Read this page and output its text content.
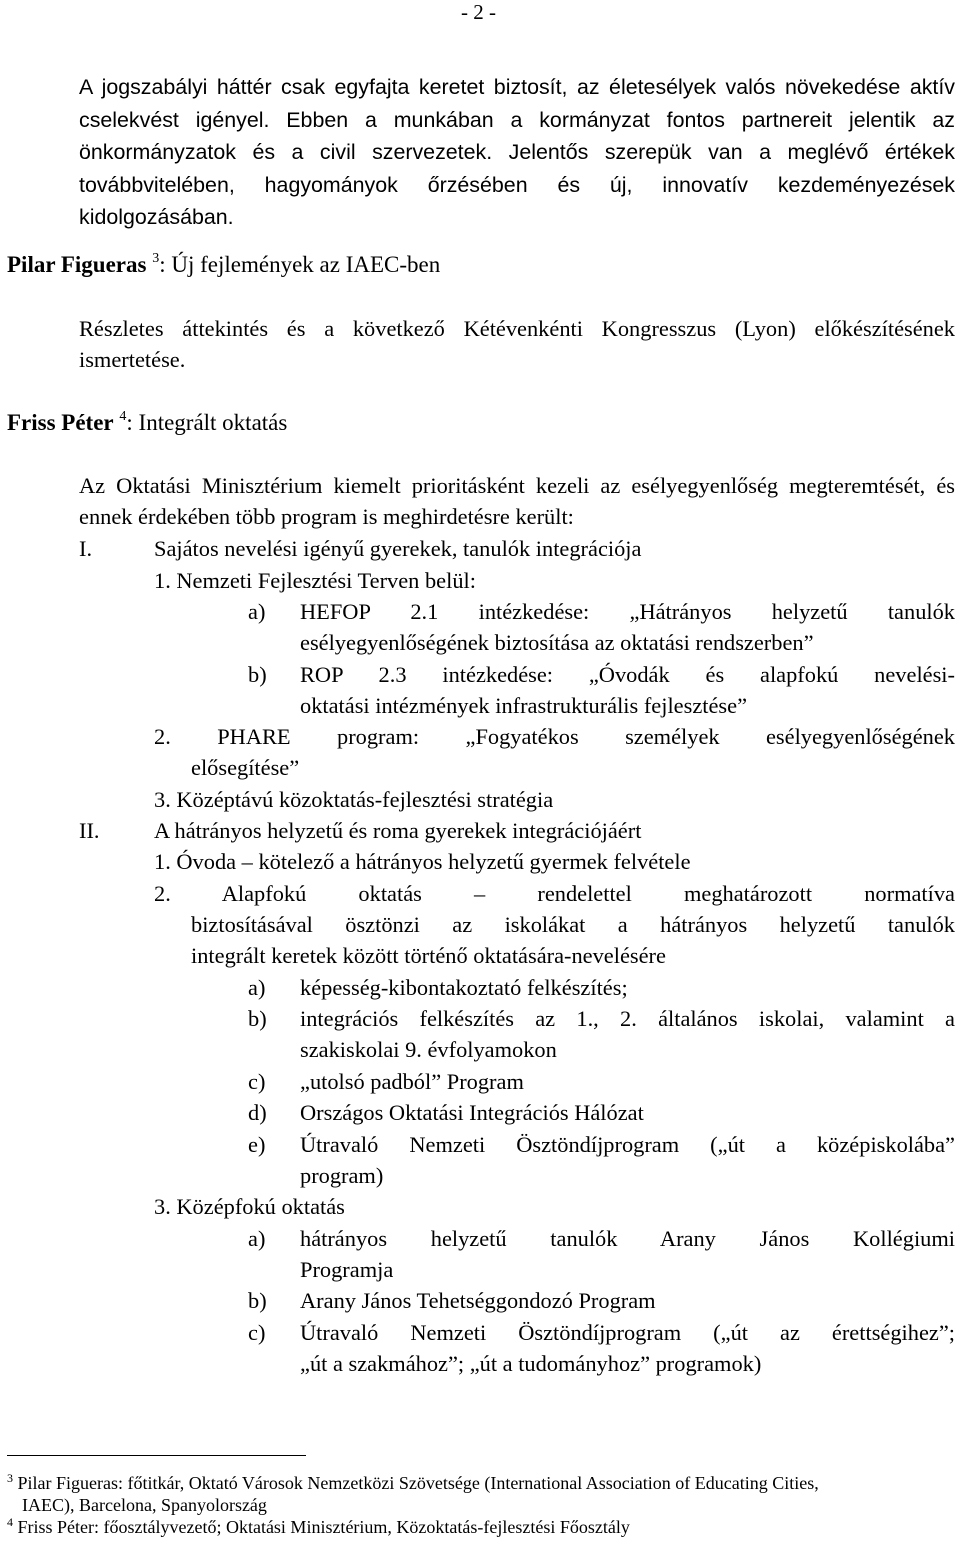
- 2 -
A jogszabályi háttér csak egyfajta keretet biztosít, az életesélyek valós növekedése aktív cselekvést igényel. Ebben a munkában a kormányzat fontos partnereit jelentik az önkormányzatok és a civil szervezetek. Jelentős szerepük van a meglévő értékek továbbvitelében, hagyományok őrzésében és új, innovatív kezdeményezések kidolgozásában.
Pilar Figueras $^3$: Új fejlemények az IAEC-ben
Részletes áttekintés és a következő Kétévenkénti Kongresszus (Lyon) előkészítésének ismertetése.
Friss Péter $^4$: Integrált oktatás
Az Oktatási Minisztérium kiemelt prioritásként kezeli az esélyegyenlőség megteremtését, és ennek érdekében több program is meghirdetésre került:
I.	Sajátos nevelési igényű gyerekek, tanulók integrációja
1. Nemzeti Fejlesztési Terven belül:
a) HEFOP 2.1 intézkedése: „Hátrányos helyzetű tanulók
esélyegyenlőségének biztosítása az oktatási rendszerben”
b) ROP 2.3 intézkedése: „Óvodák és alapfokú nevelési-
oktatási intézmények infrastrukturális fejlesztése”
2. PHARE program: „Fogyatékos személyek esélyegyenlőségének
elősegítése”
3. Középtávú közoktatás-fejlesztési stratégia
II. A hátrányos helyzetű és roma gyerekek integrációjáért
1. Óvoda – kötelező a hátrányos helyzetű gyermek felvétele
2. Alapfokú oktatás – rendelettel meghatározott normatíva
biztosításával ösztönzi az iskolákat a hátrányos helyzetű tanulók
integrált keretek között történő oktatására-nevelésére
a) képesség-kibontakoztató felkészítés;
b) integrációs felkészítés az 1., 2. általános iskolai, valamint a
szakiskolai 9. évfolyamokon
c) „utolsó padból” Program
d) Országos Oktatási Integrációs Hálózat
e) Útravaló Nemzeti Ösztöndíjprogram („út a középiskolába”
program)
3. Középfokú oktatás
a) hátrányos helyzetű tanulók Arany János Kollégiumi
Programja
b) Arany János Tehetséggondozó Program
c) Útravaló Nemzeti Ösztöndíjprogram („út az érettségihez”;
„út a szakmához”; „út a tudományhoz” programok)
$^3$ Pilar Figueras: főtitkár, Oktató Városok Nemzetközi Szövetsége (International Association of Educating Cities,
IAEC), Barcelona, Spanyolország
$^4$ Friss Péter: főosztályvezető; Oktatási Minisztérium, Közoktatás-fejlesztési Főosztály
